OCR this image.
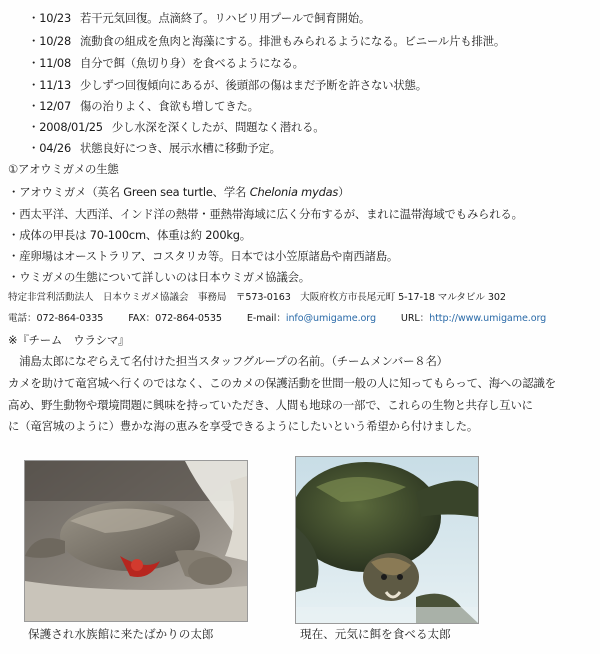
・10/23 若干元気回復。点滴終了。リハビリ用プールで飼育開始。
・10/28 流動食の組成を魚肉と海藻にする。排泄もみられるようになる。ビニール片も排泄。
・11/08 自分で餌（魚切り身）を食べるようになる。
・11/13 少しずつ回復傾向にあるが、後頭部の傷はまだ予断を許さない状態。
・12/07 傷の治りよく、食欲も増してきた。
・2008/01/25 少し水深を深くしたが、問題なく潜れる。
・04/26 状態良好につき、展示水槽に移動予定。
①アオウミガメの生態
・アオウミガメ（英名 Green sea turtle、学名 Chelonia mydas）
・西太平洋、大西洋、インド洋の熱帯・亜熱帯海域に広く分布するが、まれに温帯海域でもみられる。
・成体の甲長は 70-100cm、体重は約 200kg。
・産卵場はオーストラリア、コスタリカ等。日本では小笠原諸島や南西諸島。
・ウミガメの生態について詳しいのは日本ウミガメ協議会。
特定非営利活動法人　日本ウミガメ協議会　事務局　〒573-0163　大阪府枚方市長尾元町 5-17-18 マルタビル 302
電話：072-864-0335	FAX：072-864-0535	E-mail：info@umigame.org	URL：http://www.umigame.org
※『チーム　ウラシマ』
　浦島太郎になぞらえて名付けた担当スタッフグループの名前。（チームメンバー８名）
カメを助けて竜宮城へ行くのではなく、このカメの保護活動を世間一般の人に知ってもらって、海への認識を
高め、野生動物や環境問題に興味を持っていただき、人間も地球の一部で、これらの生物と共存し互いに
に（竜宮城のように）豊かな海の恵みを享受できるようにしたいという希望から付けました。
保護され水族館に来たばかりの太郎	現在、元気に餌を食べる太郎
